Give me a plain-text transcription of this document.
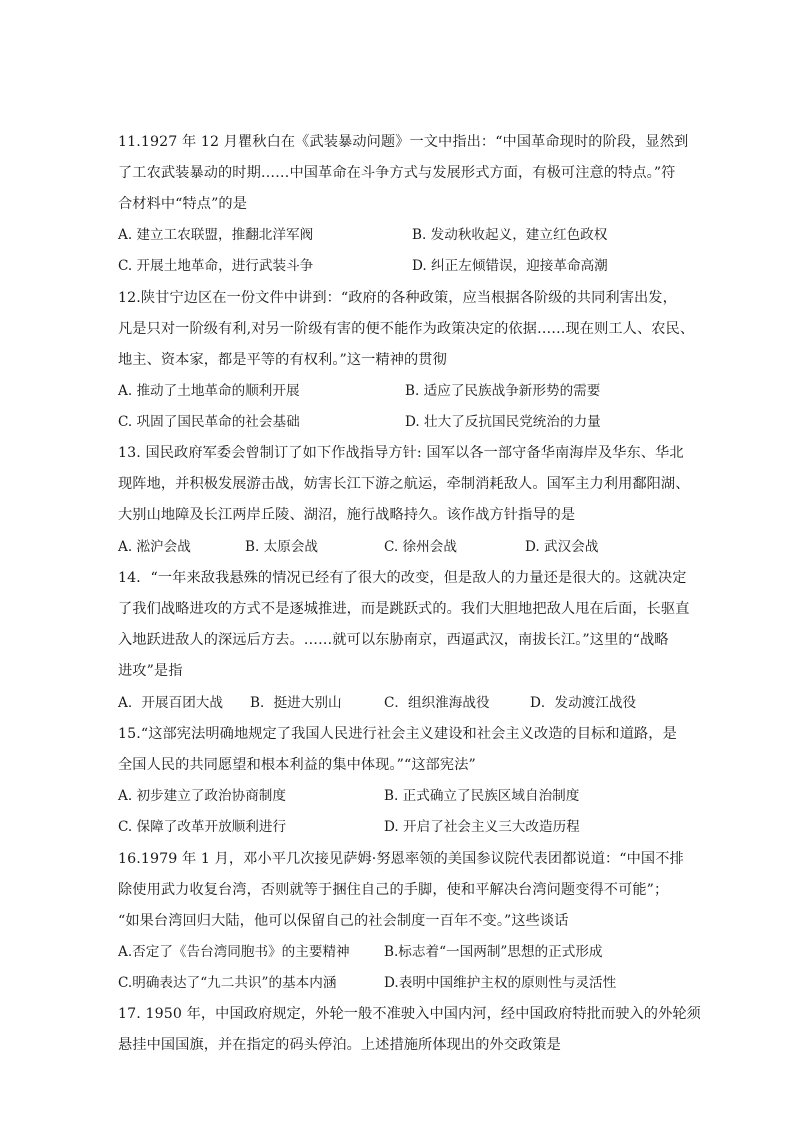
11.1927 年 12 月瞿秋白在《武装暴动问题》一文中指出：“中国革命现时的阶段，显然到
了工农武装暴动的时期……中国革命在斗争方式与发展形式方面，有极可注意的特点。”符
合材料中“特点”的是
A. 建立工农联盟，推翻北洋军阀	B. 发动秋收起义，建立红色政权
C. 开展土地革命，进行武装斗争	D. 纠正左倾错误，迎接革命高潮
12.陕甘宁边区在一份文件中讲到：“政府的各种政策，应当根据各阶级的共同利害出发，
凡是只对一阶级有利,对另一阶级有害的便不能作为政策决定的依据……现在则工人、农民、
地主、资本家，都是平等的有权利。”这一精神的贯彻
A. 推动了土地革命的顺利开展	B. 适应了民族战争新形势的需要
C. 巩固了国民革命的社会基础	D. 壮大了反抗国民党统治的力量
13. 国民政府军委会曾制订了如下作战指导方针: 国军以各一部守备华南海岸及华东、华北
现阵地，并积极发展游击战，妨害长江下游之航运，牵制消耗敌人。国军主力利用鄱阳湖、
大别山地障及长江两岸丘陵、湖沼，施行战略持久。该作战方针指导的是
A. 淞沪会战	B. 太原会战	C. 徐州会战	D. 武汉会战
14．“一年来敌我悬殊的情况已经有了很大的改变，但是敌人的力量还是很大的。这就决定
了我们战略进攻的方式不是逐城推进，而是跳跃式的。我们大胆地把敌人甩在后面，长驱直
入地跃进敌人的深远后方去。……就可以东胁南京，西逼武汉，南拔长江。”这里的“战略
进攻”是指
A．开展百团大战 B．挺进大别山	C．组织淮海战役	D．发动渡江战役
15.“这部宪法明确地规定了我国人民进行社会主义建设和社会主义改造的目标和道路，是
全国人民的共同愿望和根本利益的集中体现。”“这部宪法”
A. 初步建立了政治协商制度	B. 正式确立了民族区域自治制度
C. 保障了改革开放顺利进行	D. 开启了社会主义三大改造历程
16.1979 年 1 月，邓小平几次接见萨姆·努恩率领的美国参议院代表团都说道：“中国不排
除使用武力收复台湾，否则就等于捆住自己的手脚，使和平解决台湾问题变得不可能”；
“如果台湾回归大陆，他可以保留自己的社会制度一百年不变。”这些谈话
A.否定了《告台湾同胞书》的主要精神	B.标志着“一国两制”思想的正式形成
C.明确表达了“九二共识”的基本内涵	D.表明中国维护主权的原则性与灵活性
17. 1950 年，中国政府规定，外轮一般不准驶入中国内河，经中国政府特批而驶入的外轮须
悬挂中国国旗，并在指定的码头停泊。上述措施所体现出的外交政策是
